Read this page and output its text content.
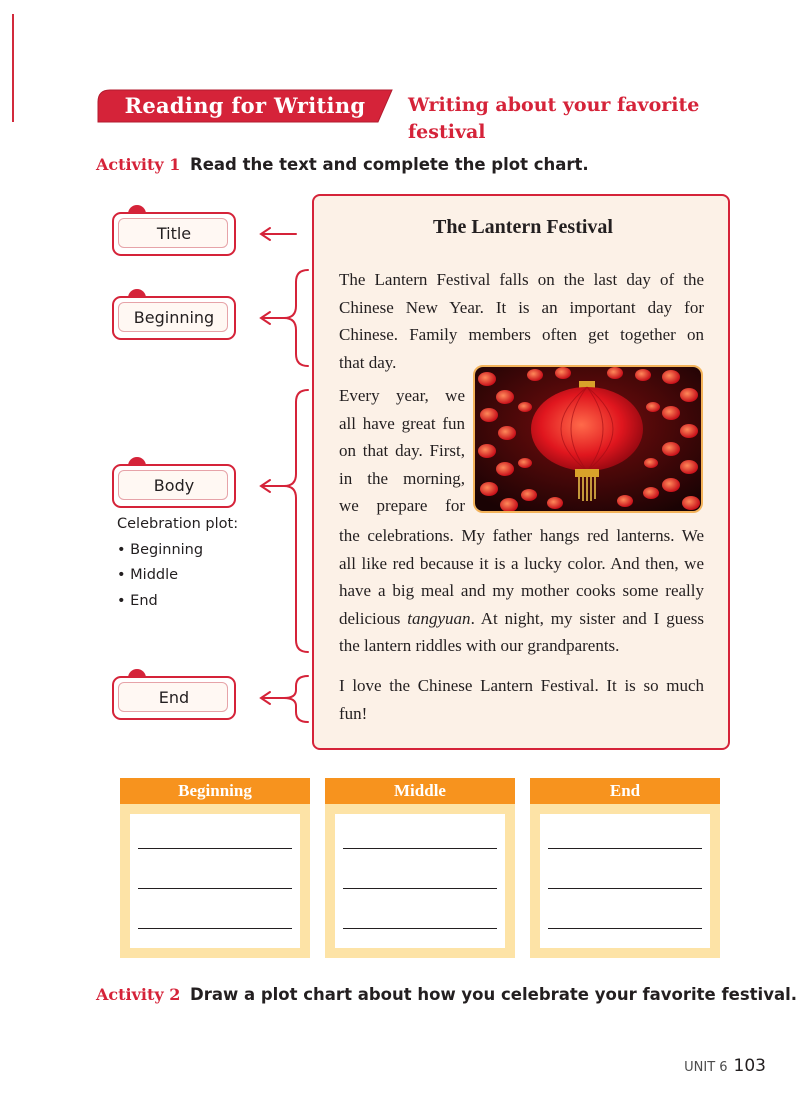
Reading for Writing	Writing about your favorite festival
Activity 1 Read the text and complete the plot chart.
Title
Beginning
Body
End
Celebration plot:
• Beginning
• Middle
• End
The Lantern Festival
The Lantern Festival falls on the last day of the
Chinese New Year. It is an important day for
Chinese. Family members often get together on
that day.
Every year, we
all have great fun
on that day. First,
in the morning,
we prepare for
the celebrations. My father hangs red lanterns. We
all like red because it is a lucky color. And then, we
have a big meal and my mother cooks some really
delicious tangyuan. At night, my sister and I guess
the lantern riddles with our grandparents.
I love the Chinese Lantern Festival. It is so much
fun!
Beginning	Middle	End
Activity 2 Draw a plot chart about how you celebrate your favorite festival.
UNIT 6 103
